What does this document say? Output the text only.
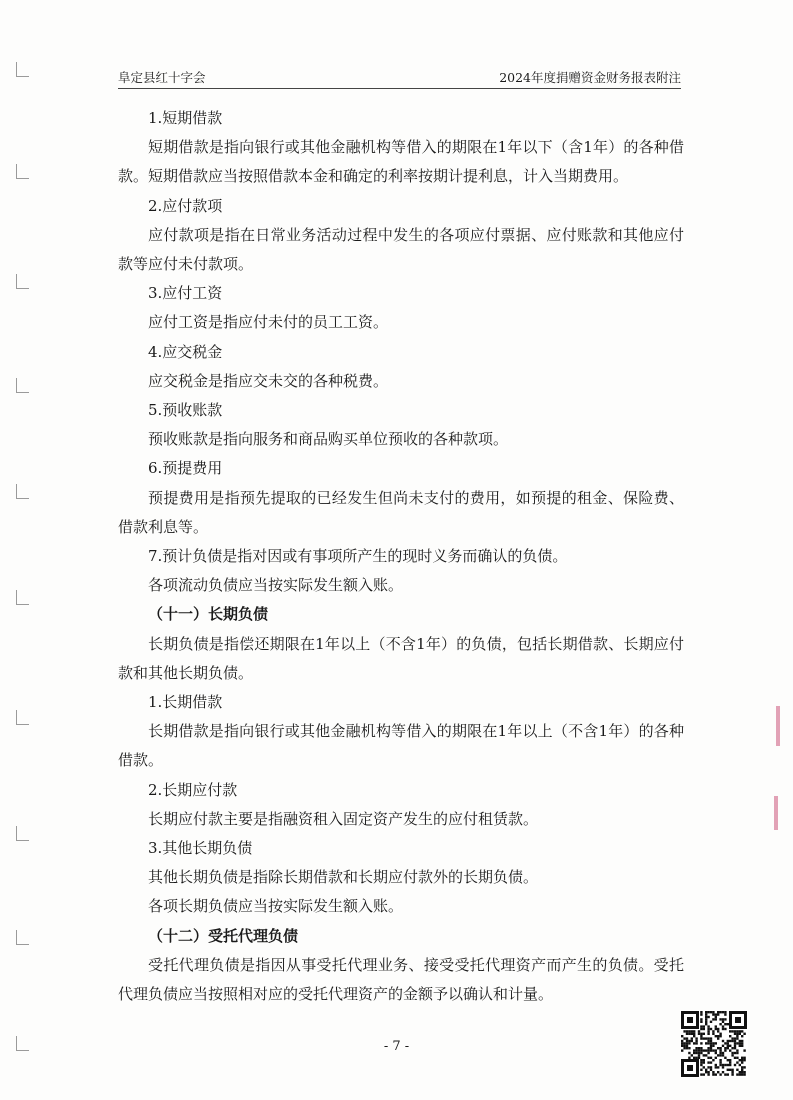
阜定县红十字会	2024年度捐赠资金财务报表附注

1.短期借款

短期借款是指向银行或其他金融机构等借入的期限在1年以下（含1年）的各种借款。短期借款应当按照借款本金和确定的利率按期计提利息，计入当期费用。

2.应付款项

应付款项是指在日常业务活动过程中发生的各项应付票据、应付账款和其他应付款等应付未付款项。

3.应付工资

应付工资是指应付未付的员工工资。

4.应交税金

应交税金是指应交未交的各种税费。

5.预收账款

预收账款是指向服务和商品购买单位预收的各种款项。

6.预提费用

预提费用是指预先提取的已经发生但尚未支付的费用，如预提的租金、保险费、借款利息等。

7.预计负债是指对因或有事项所产生的现时义务而确认的负债。

各项流动负债应当按实际发生额入账。

（十一）长期负债

长期负债是指偿还期限在1年以上（不含1年）的负债，包括长期借款、长期应付款和其他长期负债。

1.长期借款

长期借款是指向银行或其他金融机构等借入的期限在1年以上（不含1年）的各种借款。

2.长期应付款

长期应付款主要是指融资租入固定资产发生的应付租赁款。

3.其他长期负债

其他长期负债是指除长期借款和长期应付款外的长期负债。

各项长期负债应当按实际发生额入账。

（十二）受托代理负债

受托代理负债是指因从事受托代理业务、接受受托代理资产而产生的负债。受托代理负债应当按照相对应的受托代理资产的金额予以确认和计量。

- 7 -
